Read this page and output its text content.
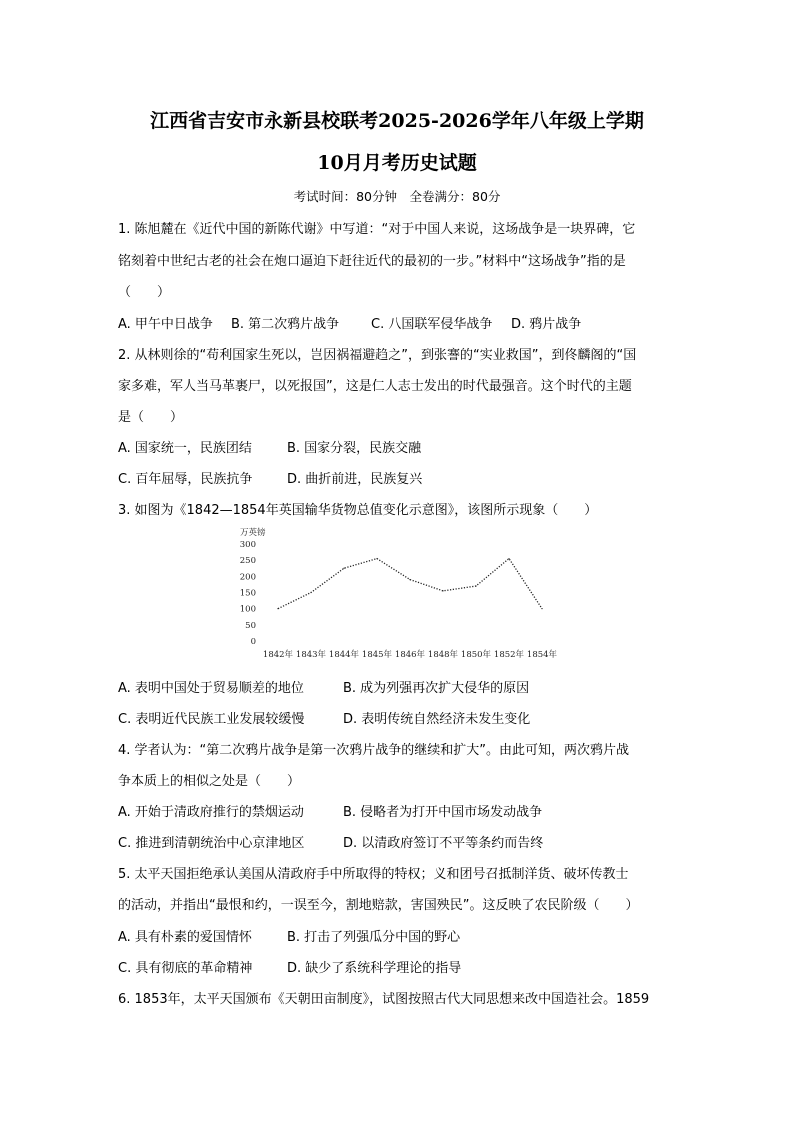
江西省吉安市永新县校联考2025-2026学年八年级上学期
10月月考历史试题
考试时间：80分钟　全卷满分：80分
1. 陈旭麓在《近代中国的新陈代谢》中写道：“对于中国人来说，这场战争是一块界碑，它
铭刻着中世纪古老的社会在炮口逼迫下赶往近代的最初的一步。”材料中“这场战争”指的是
（　　）
A. 甲午中日战争 B. 第二次鸦片战争 C. 八国联军侵华战争 D. 鸦片战争
2. 从林则徐的“苟利国家生死以，岂因祸福避趋之”，到张謇的“实业救国”，到佟麟阁的“国
家多难，军人当马革裹尸，以死报国”，这是仁人志士发出的时代最强音。这个时代的主题
是（　　）
A. 国家统一，民族团结	B. 国家分裂，民族交融
C. 百年屈辱，民族抗争	D. 曲折前进，民族复兴
3. 如图为《1842—1854年英国输华货物总值变化示意图》，该图所示现象（　　）
万英镑
300
250
200
150
100
50
0
1842年 1843年 1844年 1845年 1846年 1848年 1850年 1852年 1854年
A. 表明中国处于贸易顺差的地位	B. 成为列强再次扩大侵华的原因
C. 表明近代民族工业发展较缓慢	D. 表明传统自然经济未发生变化
4. 学者认为：“第二次鸦片战争是第一次鸦片战争的继续和扩大”。由此可知，两次鸦片战
争本质上的相似之处是（　　）
A. 开始于清政府推行的禁烟运动	B. 侵略者为打开中国市场发动战争
C. 推进到清朝统治中心京津地区	D. 以清政府签订不平等条约而告终
5. 太平天国拒绝承认美国从清政府手中所取得的特权；义和团号召抵制洋货、破坏传教士
的活动，并指出“最恨和约，一误至今，割地赔款，害国殃民”。这反映了农民阶级（　　）
A. 具有朴素的爱国情怀	B. 打击了列强瓜分中国的野心
C. 具有彻底的革命精神	D. 缺少了系统科学理论的指导
6. 1853年，太平天国颁布《天朝田亩制度》，试图按照古代大同思想来改中国造社会。1859
